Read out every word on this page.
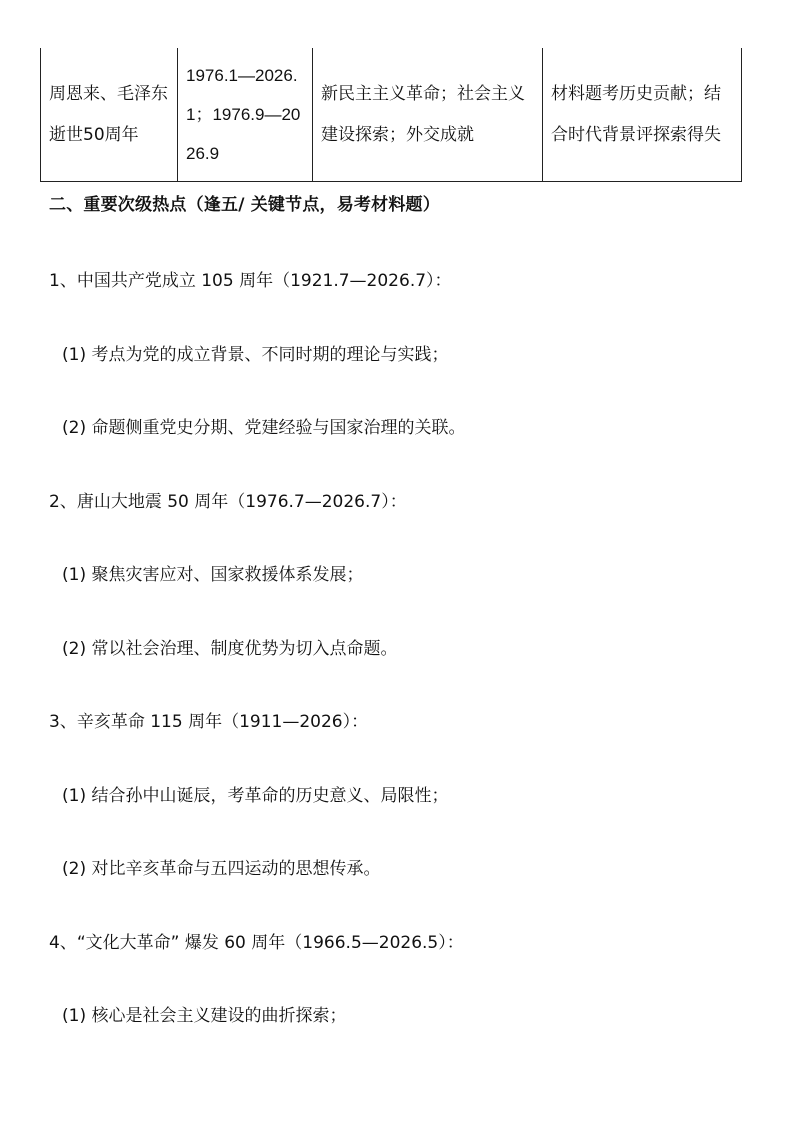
周恩来、毛泽东逝世50周年	1976.1—2026.1；1976.9—2026.9	新民主主义革命；社会主义建设探索；外交成就	材料题考历史贡献；结合时代背景评探索得失
二、重要次级热点（逢五/ 关键节点，易考材料题）
1、中国共产党成立 105 周年（1921.7—2026.7）：
(1) 考点为党的成立背景、不同时期的理论与实践；
(2) 命题侧重党史分期、党建经验与国家治理的关联。
2、唐山大地震 50 周年（1976.7—2026.7）：
(1) 聚焦灾害应对、国家救援体系发展；
(2) 常以社会治理、制度优势为切入点命题。
3、辛亥革命 115 周年（1911—2026）：
(1) 结合孙中山诞辰，考革命的历史意义、局限性；
(2) 对比辛亥革命与五四运动的思想传承。
4、“文化大革命” 爆发 60 周年（1966.5—2026.5）：
(1) 核心是社会主义建设的曲折探索；
